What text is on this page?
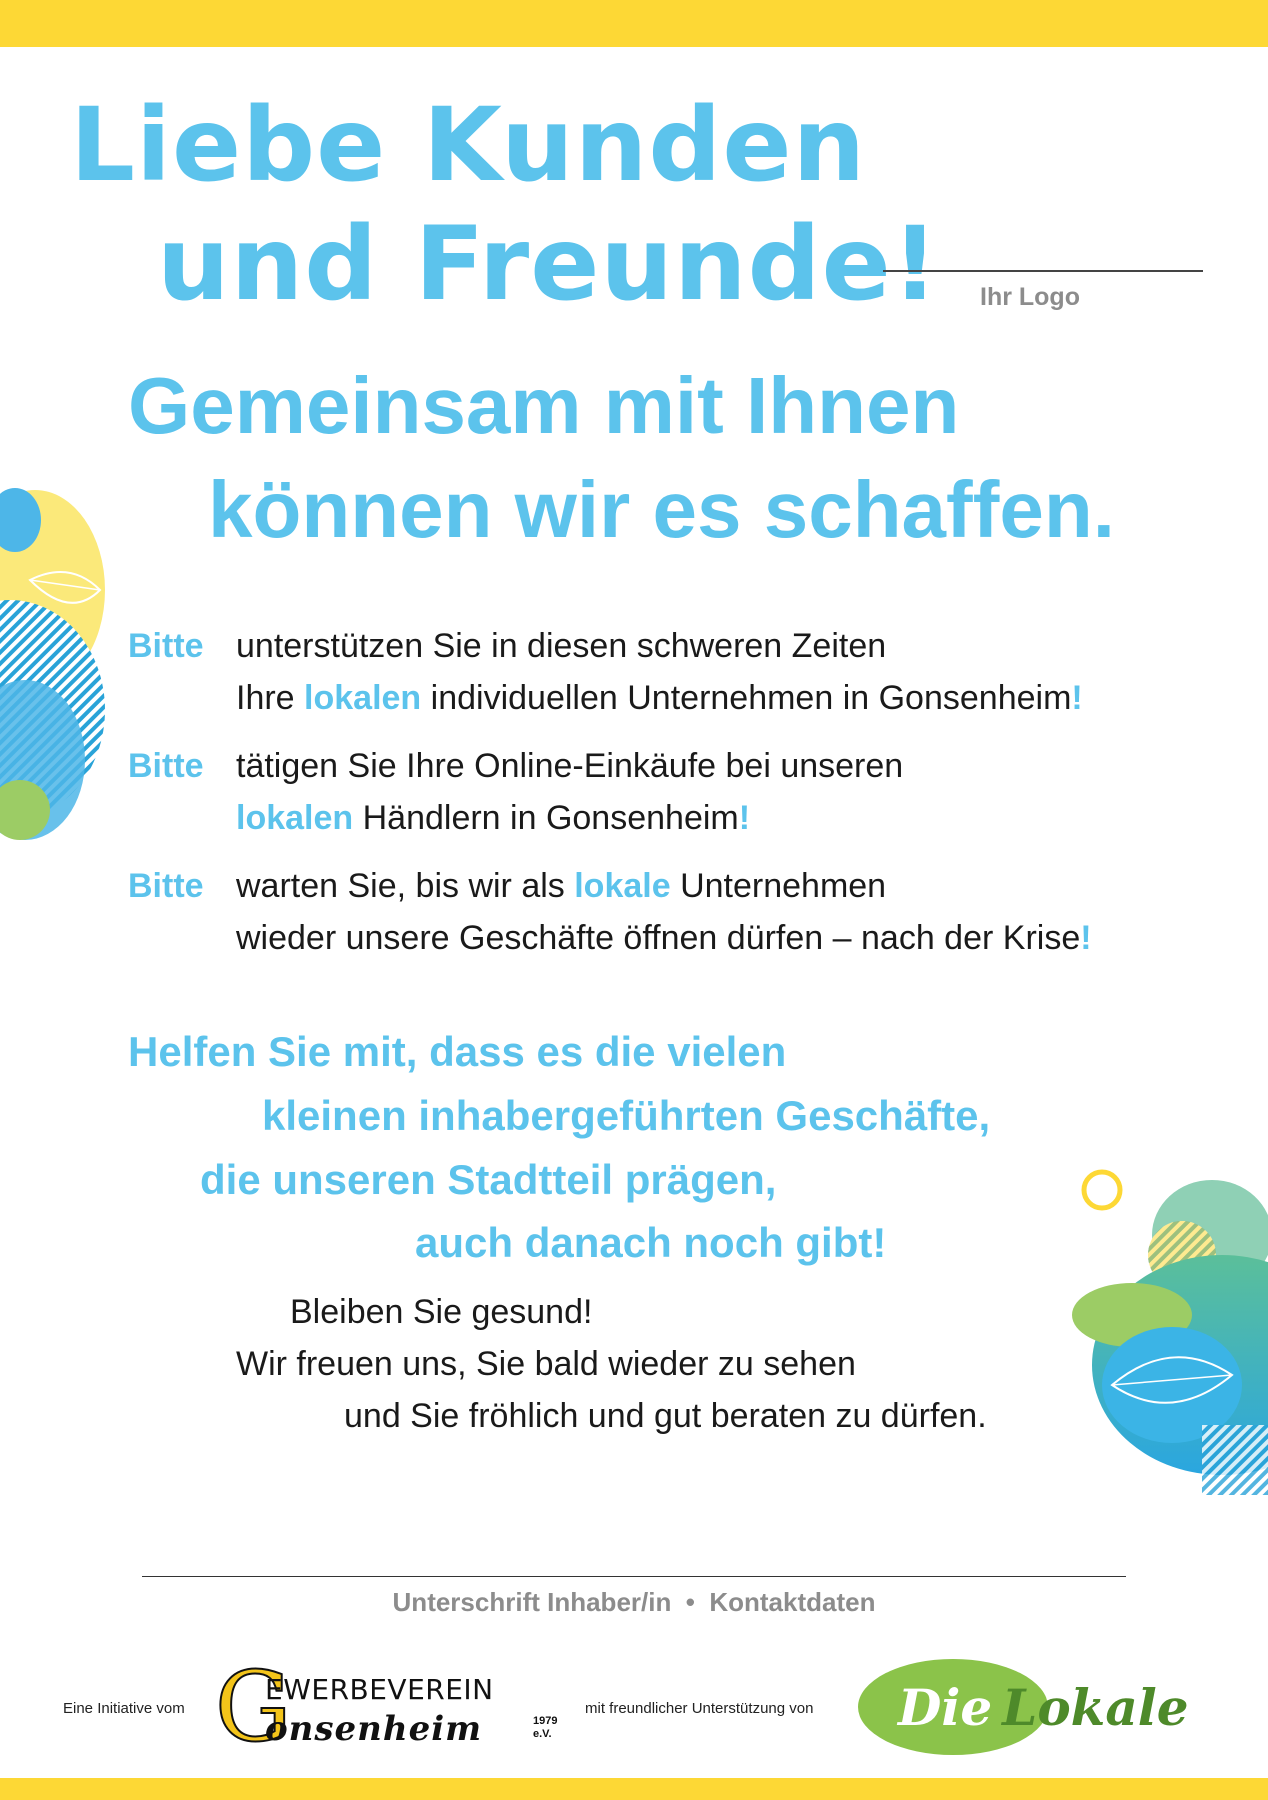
Liebe Kunden
und Freunde! Ihr Logo
Gemeinsam mit Ihnen
können wir es schaffen.
Bitte unterstützen Sie in diesen schweren Zeiten
Ihre lokalen individuellen Unternehmen in Gonsenheim!
Bitte tätigen Sie Ihre Online-Einkäufe bei unseren
lokalen Händlern in Gonsenheim!
Bitte warten Sie, bis wir als lokale Unternehmen
wieder unsere Geschäfte öffnen dürfen – nach der Krise!

Helfen Sie mit, dass es die vielen

kleinen inhabergeführten Geschäfte,

die unseren Stadtteil prägen,

auch danach noch gibt!

Bleiben Sie gesund!
Wir freuen uns, Sie bald wieder zu sehen
und Sie fröhlich und gut beraten zu dürfen.
Unterschrift Inhaber/in  •  Kontaktdaten
Eine Initiative vom G
EWERBEVEREIN
onsenheim	1979
e.V.
mit freundlicher Unterstützung von Die Lokale
